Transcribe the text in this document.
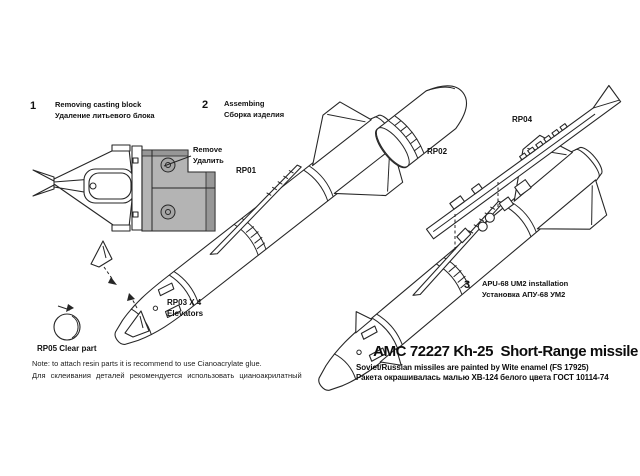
1	Removing casting block
Удаление литьевого блока
2	Assembing
Сборка изделия
3	APU-68 UM2 installation
Установка АПУ-68 УМ2
Remove
Удалить
RP01
RP02
RP04
RP03 X 4
Elevators
RP05 Clear part
Note: to attach resin parts it is recommend to use Cianoacrylate glue.
Для склеивания деталей рекомендуется использовать цианоакрилатный
AMC 72227 Kh-25  Short-Range missile
Soviet/Russian missiles are painted by Wite enamel (FS 17925)
Ракета окрашивалась малью ХВ-124 белого цвета ГОСТ 10114-74
